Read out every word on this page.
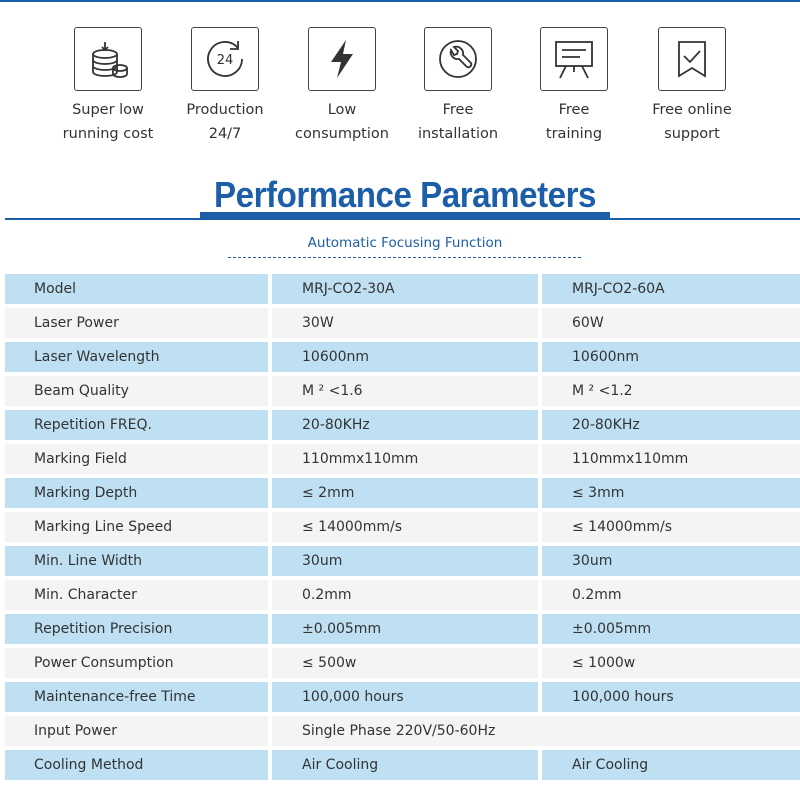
Super low
running cost
24
Production
24/7
Low
consumption
Free
installation
Free
training
Free online
support
Performance Parameters
Automatic Focusing Function
Model	MRJ-CO2-30A	MRJ-CO2-60A
Laser Power	30W	60W
Laser Wavelength	10600nm	10600nm
Beam Quality	M ² <1.6	M ² <1.2
Repetition FREQ.	20-80KHz	20-80KHz
Marking Field	110mmx110mm	110mmx110mm
Marking Depth	≤ 2mm	≤ 3mm
Marking Line Speed	≤ 14000mm/s	≤ 14000mm/s
Min. Line Width	30um	30um
Min. Character	0.2mm	0.2mm
Repetition Precision	±0.005mm	±0.005mm
Power Consumption	≤ 500w	≤ 1000w
Maintenance-free Time	100,000 hours	100,000 hours
Input Power	Single Phase 220V/50-60Hz
Cooling Method	Air Cooling	Air Cooling
